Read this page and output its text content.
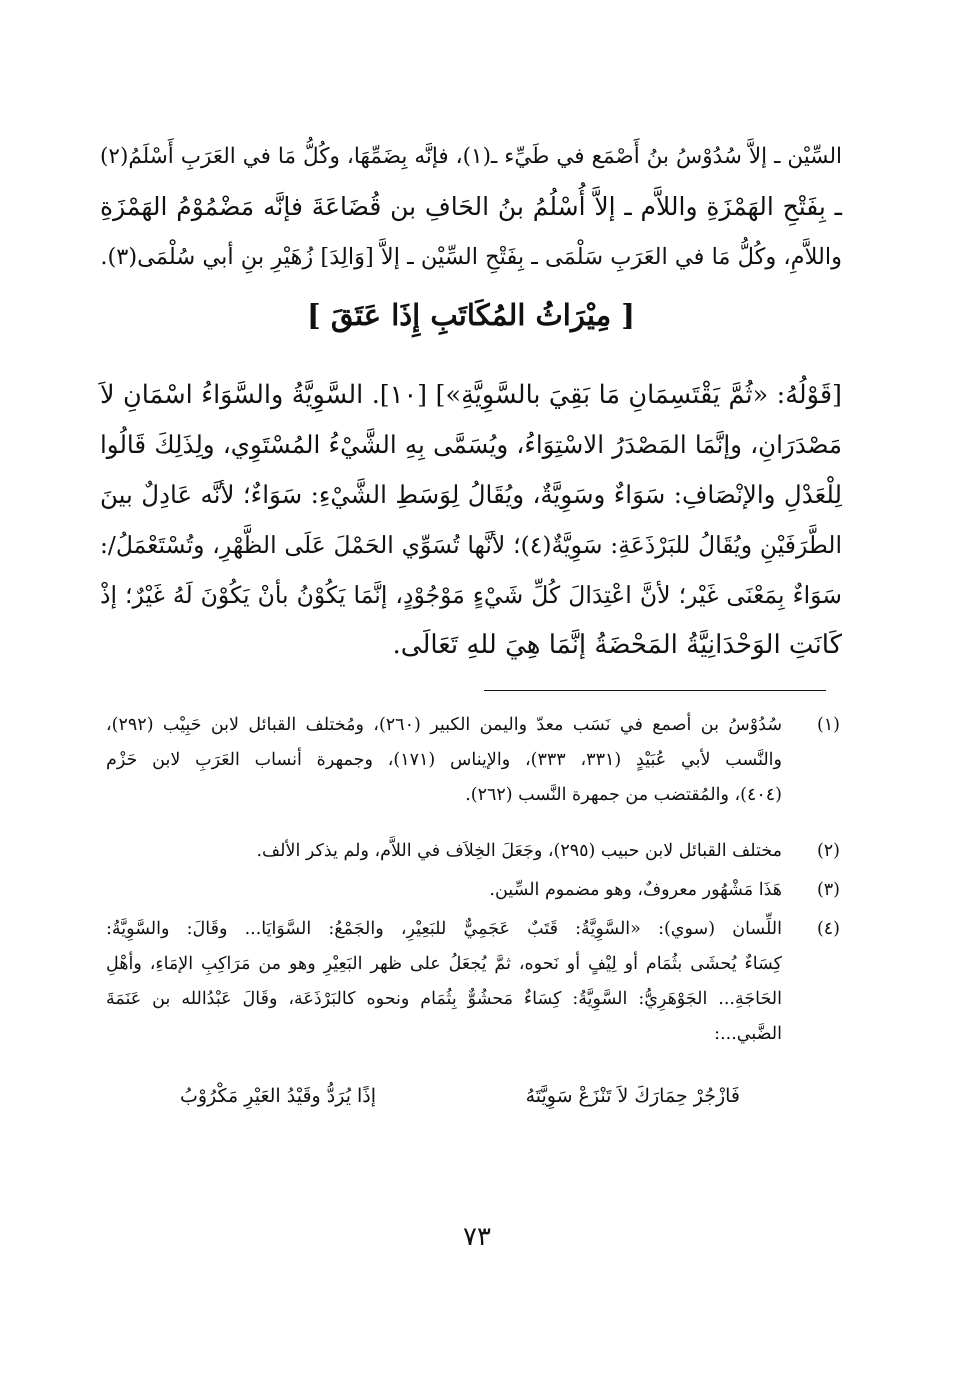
السِّيْن ـ إلاَّ سُدُوْسُ بنُ أَصْمَع في طَيِّء ـ(١)، فإنَّه بِضَمِّهَا، وكُلُّ مَا في العَرَبِ أَسْلَمُ(٢)
ـ بِفَتْحِ الهَمْزَةِ واللاَّم ـ إلاَّ أُسْلُمُ بنُ الحَافِ بن قُضَاعَةَ فإنَّه مَضْمُوْمُ الهَمْزَةِ
واللاَّمِ، وكُلُّ مَا في العَرَبِ سَلْمَى ـ بِفَتْحِ السِّيْن ـ إلاَّ [وَالِدَ] زُهَيْرِ بنِ أبي سُلْمَى(٣).
[ مِيْرَاثُ المُكَاتَبِ إِذَا عَتَقَ ]
[قَوْلُهُ: «ثُمَّ يَقْتَسِمَانِ مَا بَقِيَ بالسَّوِيَّةِ»] [١٠]. السَّوِيَّةُ والسَّوَاءُ اسْمَانِ لاَ
مَصْدَرَانِ، وإنَّمَا المَصْدَرُ الاسْتِوَاءُ، ويُسَمَّى بِهِ الشَّيْءُ المُسْتَوِي، ولِذَلِكَ قَالُوا
لِلْعَدْلِ والإنْصَافِ: سَوَاءٌ وسَوِيَّةٌ، ويُقَالُ لِوَسَطِ الشَّيْءِ: سَوَاءٌ؛ لأنَّه عَادِلٌ بينَ
الطَّرَفَيْنِ ويُقَالُ للبَرْذَعَةِ: سَوِيَّةٌ(٤)؛ لأنَّها تُسَوِّي الحَمْلَ عَلَى الظَّهْرِ، وتُسْتَعْمَلُ/:
سَوَاءٌ بِمَعْنَى غَيْر؛ لأنَّ اعْتِدَالَ كُلِّ شَيْءٍ مَوْجُوْدٍ، إنَّمَا يَكُوْنُ بأنْ يَكُوْنَ لَهُ غَيْرٌ؛ إذْ
كَانَتِ الوَحْدَانِيَّةُ المَحْضَةُ إنَّمَا هِيَ للهِ تَعَالَى.
(١)
سُدُوْسُ بن أصمع في نَسَب معدّ واليمن الكبير (٢٦٠)، ومُختلف القبائل لابن حَبِيْب (٢٩٢)،
والنَّسب لأبي عُبَيْدٍ (٣٣١، ٣٣٣)، والإيناس (١٧١)، وجمهرة أنساب العَرَبِ لابن حَزْم
(٤٠٤)، والمُقتضب من جمهرة النَّسب (٢٦٢).
(٢)
مختلف القبائل لابن حبيب (٢٩٥)، وجَعَلَ الخِلاَف في اللاَّم، ولم يذكر الألف.
(٣)
هَذَا مَشْهُور معروفٌ، وهو مضموم السِّين.
(٤)
اللِّسان (سوي): «السَّوِيَّةُ: قَتَبٌ عَجَمِيٌّ للبَعِيْرِ، والجَمْعُ: السَّوَايَا... وقَالَ: والسَّوِيَّةُ:
كِسَاءٌ يُحشَى بثُمَام أو لِيْفٍ أو نَحوه، ثمَّ يُجعَلُ على ظهر البَعِيْرِ وهو من مَرَاكِبِ الإمَاءِ، وأهْلِ
الحَاجَةِ... الجَوْهَرِيُّ: السَّوِيَّةُ: كِسَاءٌ مَحشُوٌّ بِثُمَام ونحوه كالبَرْذَعَة، وقَالَ عَبْدُالله بن عَنَمَةَ
الضَّبي...:
فَازْجُرْ حِمَارَكَ لاَ تَنْزَعْ سَوِيَّتَهُ
إذًا يُرَدُّ وقَيْدُ العَيْرِ مَكْرُوْبُ
٧٣
